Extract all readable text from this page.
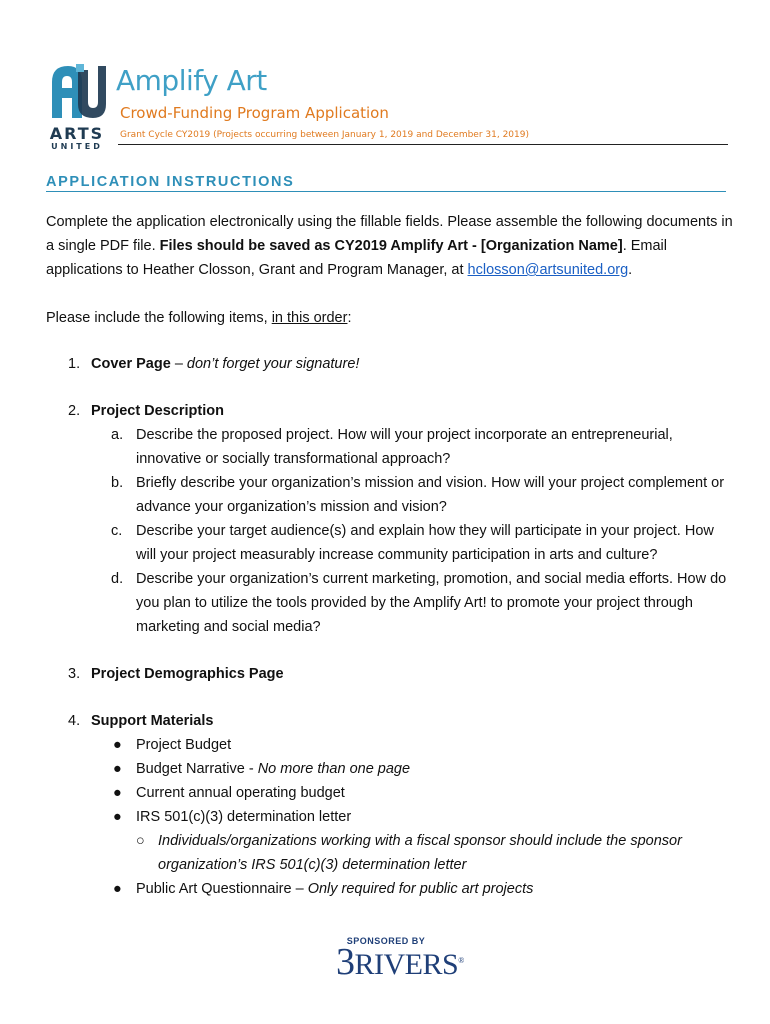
ARTS
UNITED
Amplify Art
Crowd-Funding Program Application
Grant Cycle CY2019 (Projects occurring between January 1, 2019 and December 31, 2019)
APPLICATION INSTRUCTIONS

Complete the application electronically using the fillable fields. Please assemble the following documents in a single PDF file. Files should be saved as CY2019 Amplify Art - [Organization Name]. Email applications to Heather Closson, Grant and Program Manager, at hclosson@artsunited.org.

Please include the following items, in this order:

1. Cover Page – don’t forget your signature!
2. Project Description
a. Describe the proposed project. How will your project incorporate an entrepreneurial, innovative or socially transformational approach?
b. Briefly describe your organization’s mission and vision. How will your project complement or advance your organization’s mission and vision?
c. Describe your target audience(s) and explain how they will participate in your project. How will your project measurably increase community participation in arts and culture?
d. Describe your organization’s current marketing, promotion, and social media efforts. How do you plan to utilize the tools provided by the Amplify Art! to promote your project through marketing and social media?
3. Project Demographics Page
4. Support Materials
● Project Budget
● Budget Narrative - No more than one page
● Current annual operating budget
● IRS 501(c)(3) determination letter
○ Individuals/organizations working with a fiscal sponsor should include the sponsor organization’s IRS 501(c)(3) determination letter
● Public Art Questionnaire – Only required for public art projects
SPONSORED BY
3RIVERS®
